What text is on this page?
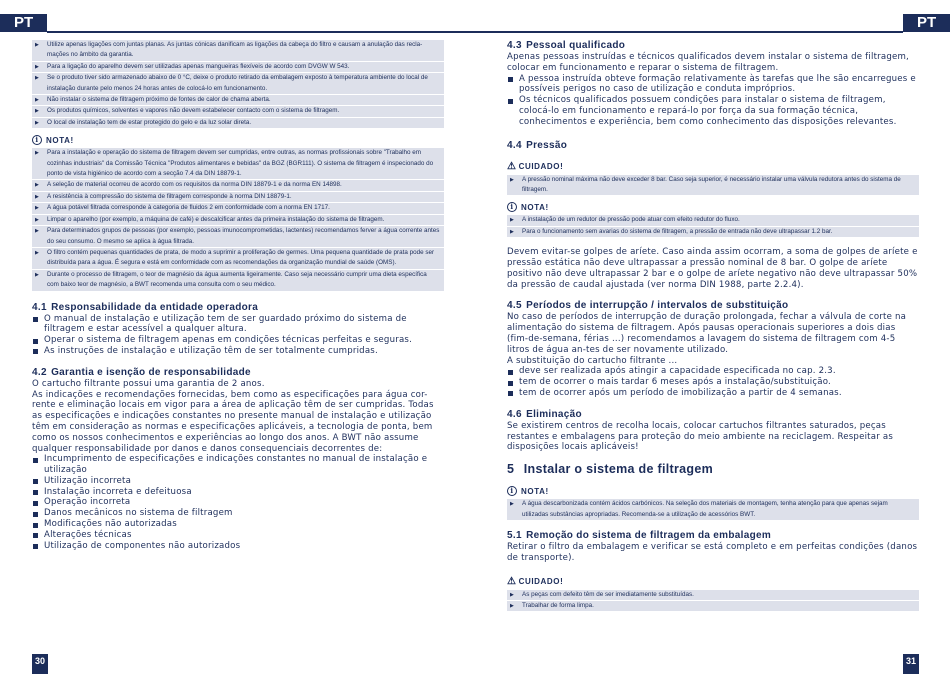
PT	PT
▶ Utilize apenas ligações com juntas planas. As juntas cónicas danificam as ligações da cabeça do filtro e causam a anulação das recla-mações no âmbito da garantia.
▶ Para a ligação do aparelho devem ser utilizadas apenas mangueiras flexíveis de acordo com DVGW W 543.
▶ Se o produto tiver sido armazenado abaixo de 0 °C, deixe o produto retirado da embalagem exposto à temperatura ambiente do local de instalação durante pelo menos 24 horas antes de colocá-lo em funcionamento.
▶ Não instalar o sistema de filtragem próximo de fontes de calor de chama aberta.
▶ Os produtos químicos, solventes e vapores não devem estabelecer contacto com o sistema de filtragem.
▶ O local de instalação tem de estar protegido do gelo e da luz solar direta.
i NOTA!
▶ Para a instalação e operação do sistema de filtragem devem ser cumpridas, entre outras, as normas profissionais sobre "Trabalho em cozinhas industriais" da Comissão Técnica "Produtos alimentares e bebidas" da BGZ (BGR111). O sistema de filtragem é inspecionado do ponto de vista higiénico de acordo com a secção 7.4 da DIN 18879-1.
▶ A seleção de material ocorreu de acordo com os requisitos da norma DIN 18879-1 e da norma EN 14898.
▶ A resistência à compressão do sistema de filtragem corresponde à norma DIN 18879-1.
▶ A água potável filtrada corresponde à categoria de fluidos 2 em conformidade com a norma EN 1717.
▶ Limpar o aparelho (por exemplo, a máquina de café) e descalcificar antes da primeira instalação do sistema de filtragem.
▶ Para determinados grupos de pessoas (por exemplo, pessoas imunocomprometidas, lactentes) recomendamos ferver a água corrente antes do seu consumo. O mesmo se aplica à água filtrada.
▶ O filtro contém pequenas quantidades de prata, de modo a suprimir a proliferação de germes. Uma pequena quantidade de prata pode ser distribuída para a água. É segura e está em conformidade com as recomendações da organização mundial de saúde (OMS).
▶ Durante o processo de filtragem, o teor de magnésio da água aumenta ligeiramente. Caso seja necessário cumprir uma dieta específica com baixo teor de magnésio, a BWT recomenda uma consulta com o seu médico.
4.1 Responsabilidade da entidade operadora
O manual de instalação e utilização tem de ser guardado próximo do sistema de filtragem e estar acessível a qualquer altura.
Operar o sistema de filtragem apenas em condições técnicas perfeitas e seguras.
As instruções de instalação e utilização têm de ser totalmente cumpridas.
4.2 Garantia e isenção de responsabilidade

O cartucho filtrante possui uma garantia de 2 anos.
As indicações e recomendações fornecidas, bem como as especificações para água cor-rente e eliminação locais em vigor para a área de aplicação têm de ser cumpridas. Todas as especificações e indicações constantes no presente manual de instalação e utilização têm em consideração as normas e especificações aplicáveis, a tecnologia de ponta, bem como os nossos conhecimentos e experiências ao longo dos anos. A BWT não assume qualquer responsabilidade por danos e danos consequenciais decorrentes de:

Incumprimento de especificações e indicações constantes no manual de instalação e utilização
Utilização incorreta
Instalação incorreta e defeituosa
Operação incorreta
Danos mecânicos no sistema de filtragem
Modificações não autorizadas
Alterações técnicas
Utilização de componentes não autorizados
4.3 Pessoal qualificado

Apenas pessoas instruídas e técnicos qualificados devem instalar o sistema de filtragem, colocar em funcionamento e reparar o sistema de filtragem.

A pessoa instruída obteve formação relativamente às tarefas que lhe são encarregues e possíveis perigos no caso de utilização e conduta impróprios.
Os técnicos qualificados possuem condições para instalar o sistema de filtragem, colocá-lo em funcionamento e repará-lo por força da sua formação técnica, conhecimentos e experiência, bem como conhecimento das disposições relevantes.
4.4 Pressão
⚠ CUIDADO!
▶ A pressão nominal máxima não deve exceder 8 bar. Caso seja superior, é necessário instalar uma válvula redutora antes do sistema de filtragem.
i NOTA!
▶ A instalação de um redutor de pressão pode atuar com efeito redutor do fluxo.
▶ Para o funcionamento sem avarias do sistema de filtragem, a pressão de entrada não deve ultrapassar 1.2 bar.

Devem evitar-se golpes de aríete. Caso ainda assim ocorram, a soma de golpes de aríete e pressão estática não deve ultrapassar a pressão nominal de 8 bar. O golpe de aríete positivo não deve ultrapassar 2 bar e o golpe de aríete negativo não deve ultrapassar 50% da pressão de caudal ajustada (ver norma DIN 1988, parte 2.2.4).

4.5 Períodos de interrupção / intervalos de substituição

No caso de períodos de interrupção de duração prolongada, fechar a válvula de corte na alimentação do sistema de filtragem. Após pausas operacionais superiores a dois dias (fim-de-semana, férias ...) recomendamos a lavagem do sistema de filtragem com 4-5 litros de água an-tes de ser novamente utilizado.
A substituição do cartucho filtrante ...

deve ser realizada após atingir a capacidade especificada no cap. 2.3.
tem de ocorrer o mais tardar 6 meses após a instalação/substituição.
tem de ocorrer após um período de imobilização a partir de 4 semanas.
4.6 Eliminação

Se existirem centros de recolha locais, colocar cartuchos filtrantes saturados, peças restantes e embalagens para proteção do meio ambiente na reciclagem. Respeitar as disposições locais aplicáveis!

5 Instalar o sistema de filtragem
i NOTA!
▶ A água descarbonizada contém ácidos carbónicos. Na seleção dos materiais de montagem, tenha atenção para que apenas sejam utilizadas substâncias apropriadas. Recomenda-se a utilização de acessórios BWT.
5.1 Remoção do sistema de filtragem da embalagem

Retirar o filtro da embalagem e verificar se está completo e em perfeitas condições (danos de transporte).

⚠ CUIDADO!
▶ As peças com defeito têm de ser imediatamente substituídas.
▶ Trabalhar de forma limpa.
30	31
